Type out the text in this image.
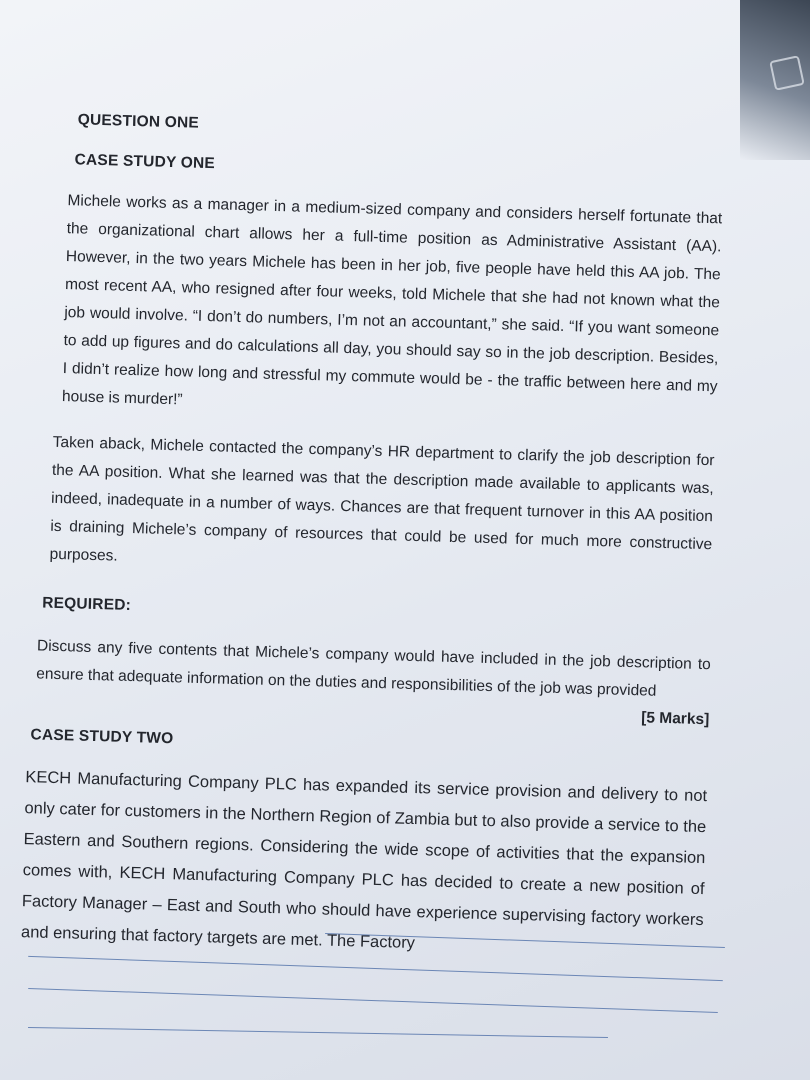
QUESTION ONE

CASE STUDY ONE

Michele works as a manager in a medium-sized company and considers herself fortunate that the organizational chart allows her a full-time position as Administrative Assistant (AA). However, in the two years Michele has been in her job, five people have held this AA job. The most recent AA, who resigned after four weeks, told Michele that she had not known what the job would involve. “I don’t do numbers, I’m not an accountant,” she said. “If you want someone to add up figures and do calculations all day, you should say so in the job description. Besides, I didn’t realize how long and stressful my commute would be - the traffic between here and my house is murder!”

Taken aback, Michele contacted the company’s HR department to clarify the job description for the AA position. What she learned was that the description made available to applicants was, indeed, inadequate in a number of ways. Chances are that frequent turnover in this AA position is draining Michele’s company of resources that could be used for much more constructive purposes.

REQUIRED:

Discuss any five contents that Michele’s company would have included in the job description to ensure that adequate information on the duties and responsibilities of the job was provided

[5 Marks]

CASE STUDY TWO

KECH Manufacturing Company PLC has expanded its service provision and delivery to not only cater for customers in the Northern Region of Zambia but to also provide a service to the Eastern and Southern regions. Considering the wide scope of activities that the expansion comes with, KECH Manufacturing Company PLC has decided to create a new position of Factory Manager – East and South who should have experience supervising factory workers and ensuring that factory targets are met. The Factory
